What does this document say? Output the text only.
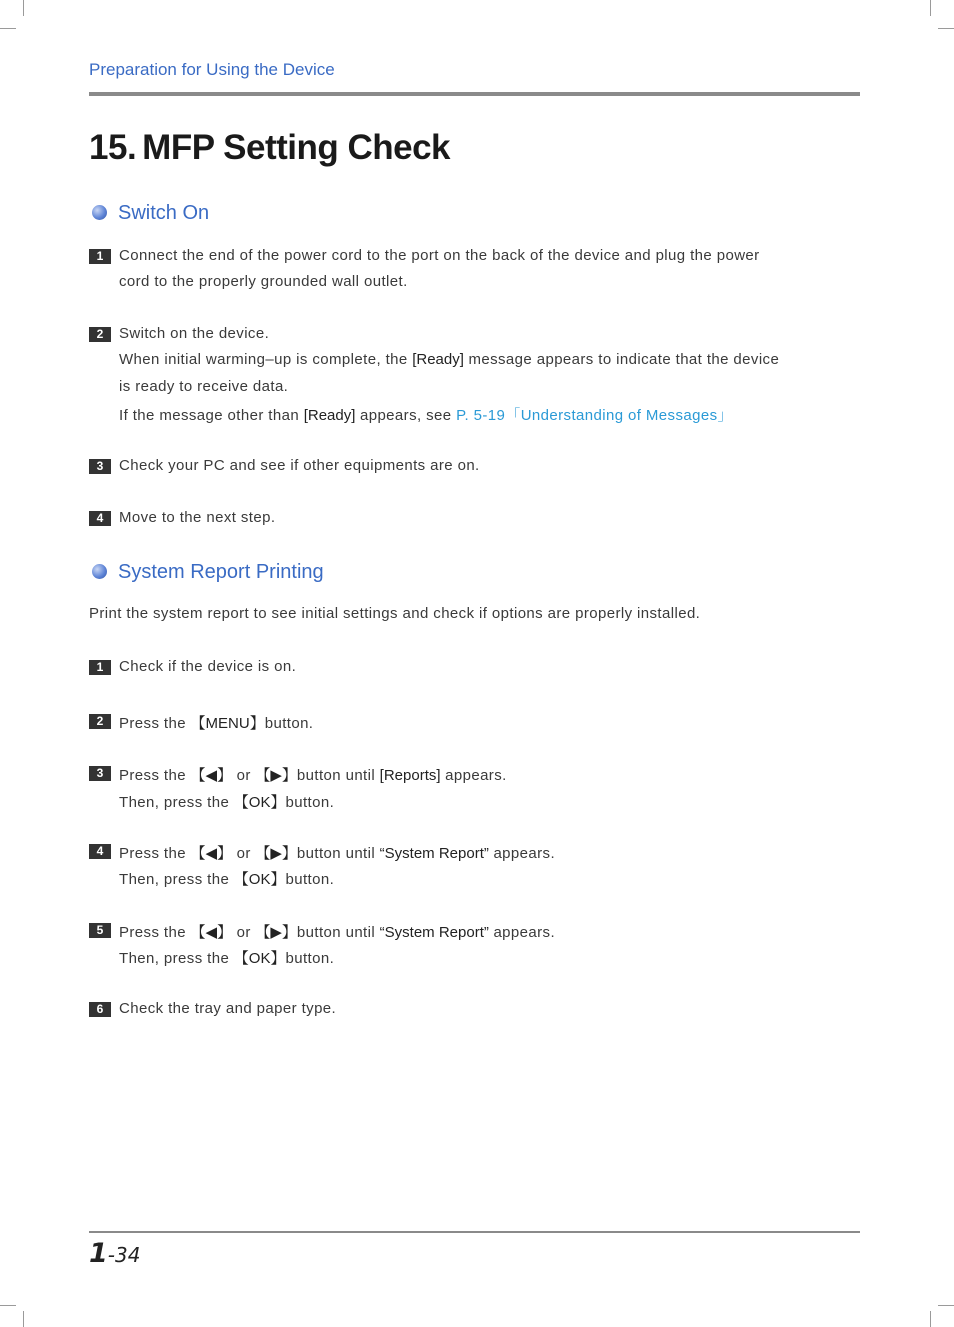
Preparation for Using the Device
15. MFP Setting Check
Switch On
1	Connect the end of the power cord to the port on the back of the device and plug the power
cord to the properly grounded wall outlet.
2	Switch on the device.
When initial warming–up is complete, the [Ready] message appears to indicate that the device
is ready to receive data.
If the message other than [Ready] appears, see P. 5-19「Understanding of Messages」
3	Check your PC and see if other equipments are on.
4	Move to the next step.
System Report Printing
Print the system report to see initial settings and check if options are properly installed.
1	Check if the device is on.
2	Press the 【MENU】button.
3	Press the 【◀】 or 【▶】button until [Reports] appears.
Then, press the 【OK】button.
4	Press the 【◀】 or 【▶】button until “System Report” appears.
Then, press the 【OK】button.
5	Press the 【◀】 or 【▶】button until “System Report” appears.
Then, press the 【OK】button.
6	Check the tray and paper type.
1-34
